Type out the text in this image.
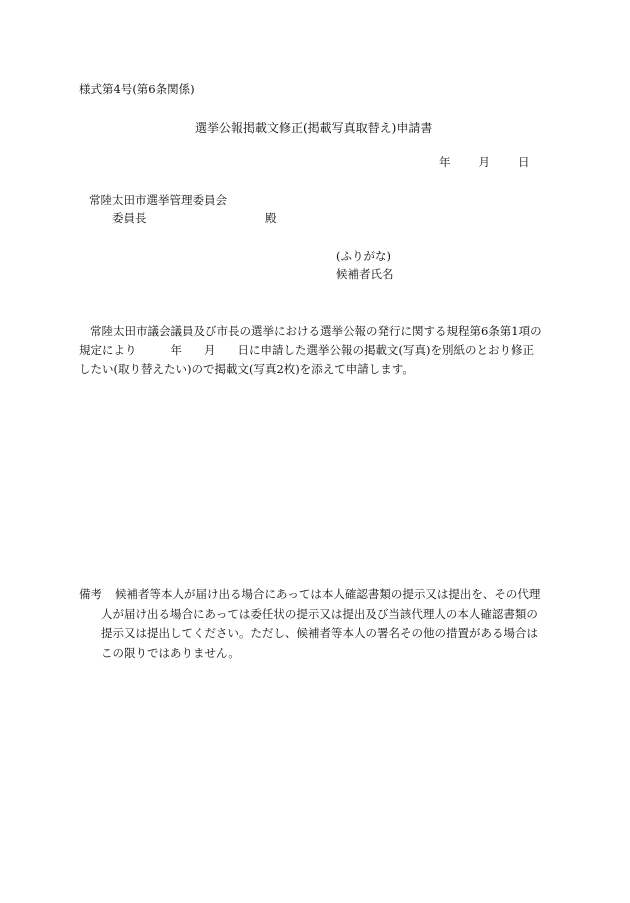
様式第4号(第6条関係)
選挙公報掲載文修正(掲載写真取替え)申請書
年 月 日
常陸太田市選挙管理委員会
委員長	殿
(ふりがな)
候補者氏名
常陸太田市議会議員及び市長の選挙における選挙公報の発行に関する規程第6条第1項の
規定により	年 月 日に申請した選挙公報の掲載文(写真)を別紙のとおり修正
したい(取り替えたい)ので掲載文(写真2枚)を添えて申請します。
備考 候補者等本人が届け出る場合にあっては本人確認書類の提示又は提出を、その代理
人が届け出る場合にあっては委任状の提示又は提出及び当該代理人の本人確認書類の
提示又は提出してください。ただし、候補者等本人の署名その他の措置がある場合は
この限りではありません。
